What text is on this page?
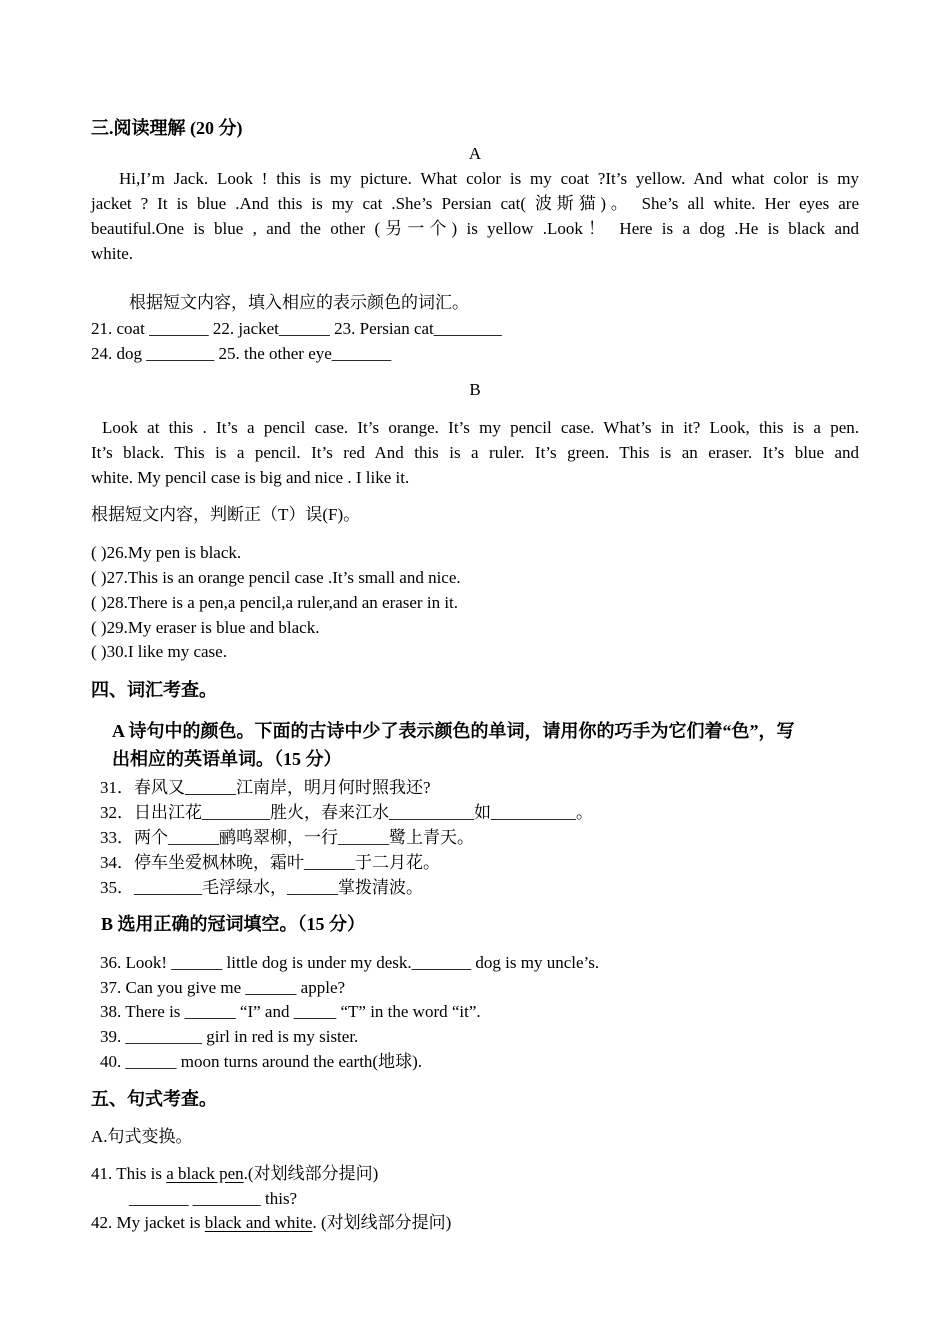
三.阅读理解 (20 分)
A
Hi,I’m Jack. Look ! this is my picture. What color is my coat ?It’s yellow. And what color is my
jacket ? It is blue .And this is my cat .She’s Persian cat( 波斯猫)。 She’s all white. Her eyes are
beautiful.One is blue , and the other (另一个) is yellow .Look！ Here is a dog .He is black and
white.
根据短文内容，填入相应的表示颜色的词汇。
21. coat _______ 22. jacket______ 23. Persian cat________
24. dog ________ 25. the other eye_______
B
Look at this . It’s a pencil case. It’s orange. It’s my pencil case. What’s in it? Look, this is a pen.
It’s black. This is a pencil. It’s red And this is a ruler. It’s green. This is an eraser. It’s blue and
white. My pencil case is big and nice . I like it.
根据短文内容，判断正（T）误(F)。
( )26.My pen is black.
( )27.This is an orange pencil case .It’s small and nice.
( )28.There is a pen,a pencil,a ruler,and an eraser in it.
( )29.My eraser is blue and black.
( )30.I like my case.
四、词汇考查。
A 诗句中的颜色。下面的古诗中少了表示颜色的单词，请用你的巧手为它们着“色”，写
出相应的英语单词。（15 分）
31．春风又______江南岸，明月何时照我还?
32．日出江花________胜火，春来江水__________如__________。
33．两个______鹂鸣翠柳，一行______鹭上青天。
34．停车坐爱枫林晚，霜叶______于二月花。
35．________毛浮绿水，______掌拨清波。
B 选用正确的冠词填空。（15 分）
36. Look! ______ little dog is under my desk._______ dog is my uncle’s.
37. Can you give me ______ apple?
38. There is ______ “I” and _____ “T” in the word “it”.
39. _________ girl in red is my sister.
40. ______ moon turns around the earth(地球).
五、句式考查。
A.句式变换。
41. This is a black pen.(对划线部分提问)
_______ ________ this?
42. My jacket is black and white. (对划线部分提问)
